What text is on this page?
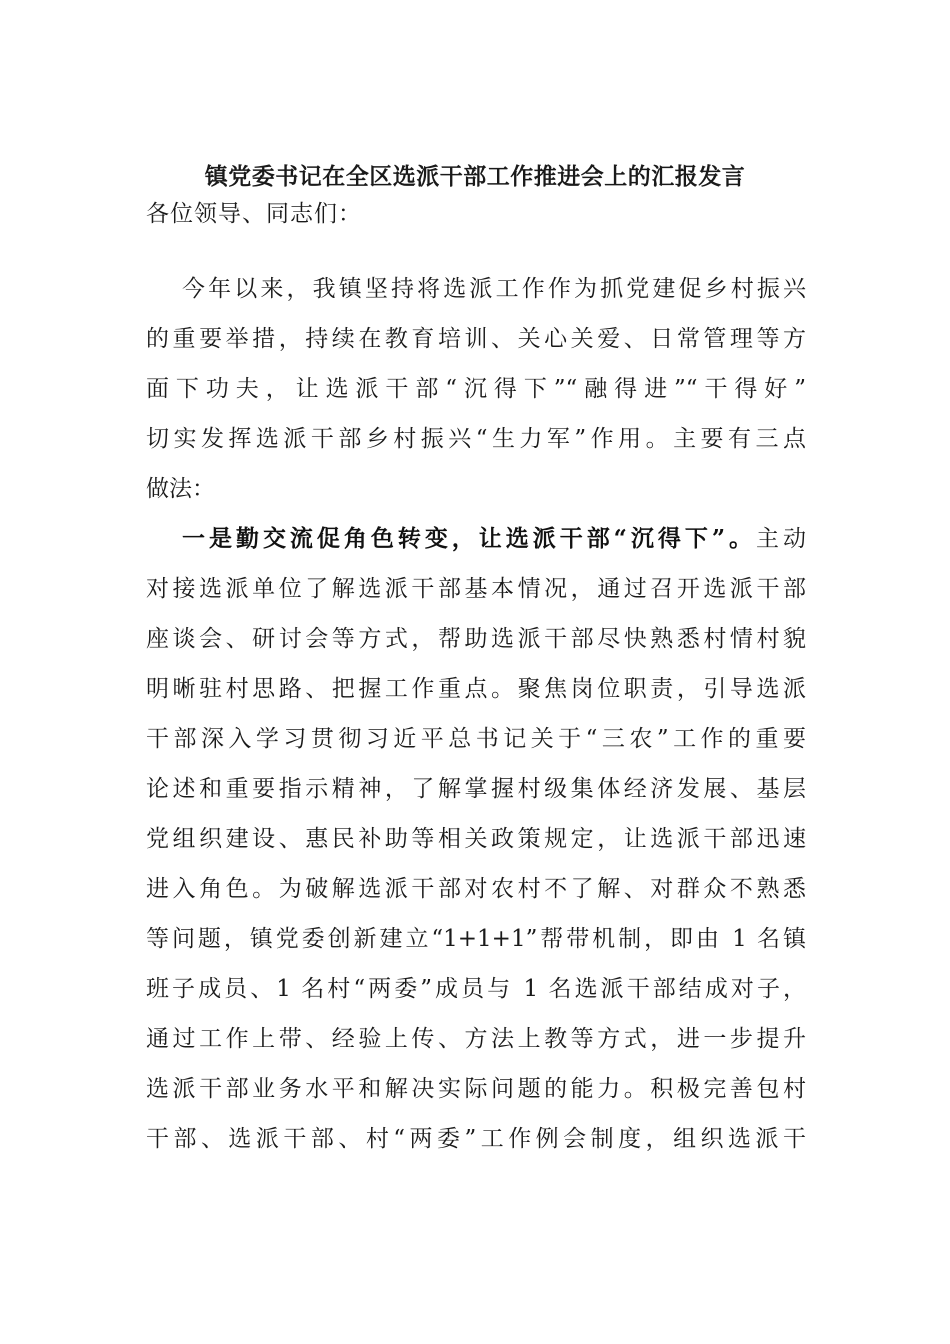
镇党委书记在全区选派干部工作推进会上的汇报发言
各位领导、同志们：
今年以来，我镇坚持将选派工作作为抓党建促乡村振兴
的重要举措，持续在教育培训、关心关爱、日常管理等方
面下功夫，让选派干部“沉得下”“融得进”“干得好”
切实发挥选派干部乡村振兴“生力军”作用。主要有三点
做法：
一是勤交流促角色转变，让选派干部“沉得下”。主动
对接选派单位了解选派干部基本情况，通过召开选派干部
座谈会、研讨会等方式，帮助选派干部尽快熟悉村情村貌
明晰驻村思路、把握工作重点。聚焦岗位职责，引导选派
干部深入学习贯彻习近平总书记关于“三农”工作的重要
论述和重要指示精神，了解掌握村级集体经济发展、基层
党组织建设、惠民补助等相关政策规定，让选派干部迅速
进入角色。为破解选派干部对农村不了解、对群众不熟悉
等问题，镇党委创新建立“1+1+1”帮带机制，即由 1 名镇
班子成员、1 名村“两委”成员与 1 名选派干部结成对子，
通过工作上带、经验上传、方法上教等方式，进一步提升
选派干部业务水平和解决实际问题的能力。积极完善包村
干部、选派干部、村“两委”工作例会制度，组织选派干
